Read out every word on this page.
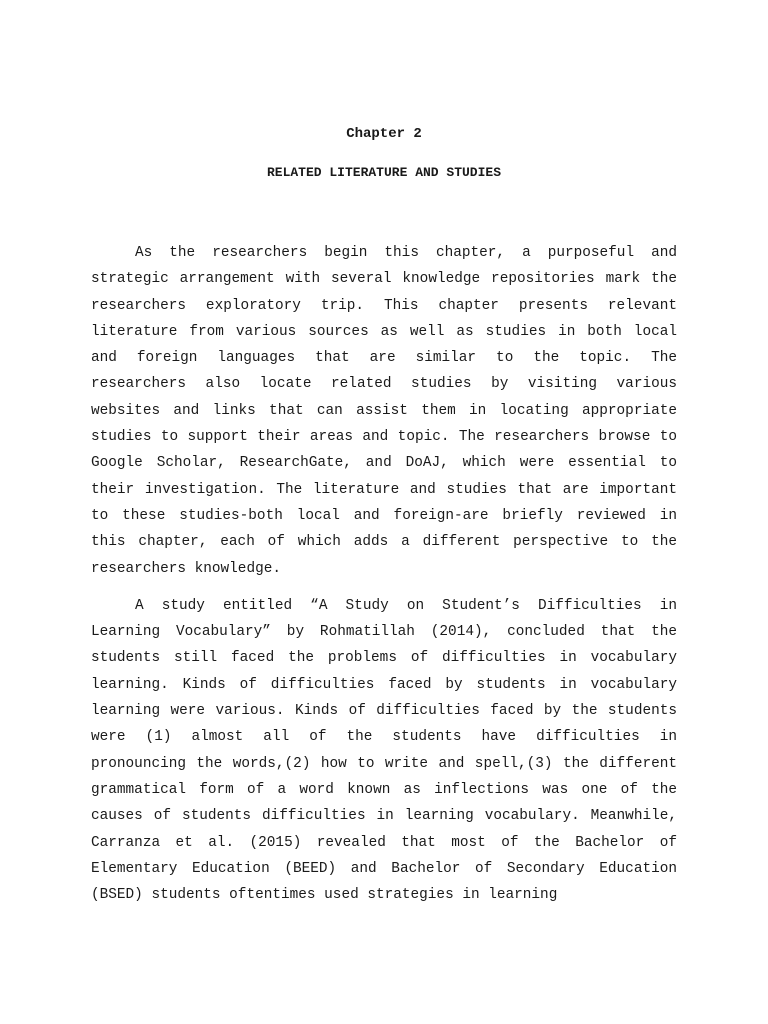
Chapter 2
RELATED LITERATURE AND STUDIES

As the researchers begin this chapter, a purposeful and strategic arrangement with several knowledge repositories mark the researchers exploratory trip. This chapter presents relevant literature from various sources as well as studies in both local and foreign languages that are similar to the topic. The researchers also locate related studies by visiting various websites and links that can assist them in locating appropriate studies to support their areas and topic. The researchers browse to Google Scholar, ResearchGate, and DoAJ, which were essential to their investigation. The literature and studies that are important to these studies-both local and foreign-are briefly reviewed in this chapter, each of which adds a different perspective to the researchers knowledge.

A study entitled “A Study on Student’s Difficulties in Learning Vocabulary” by Rohmatillah (2014), concluded that the students still faced the problems of difficulties in vocabulary learning. Kinds of difficulties faced by students in vocabulary learning were various. Kinds of difficulties faced by the students were (1) almost all of the students have difficulties in pronouncing the words,(2) how to write and spell,(3) the different grammatical form of a word known as inflections was one of the causes of students difficulties in learning vocabulary. Meanwhile, Carranza et al. (2015) revealed that most of the Bachelor of Elementary Education (BEED) and Bachelor of Secondary Education (BSED) students oftentimes used strategies in learning
